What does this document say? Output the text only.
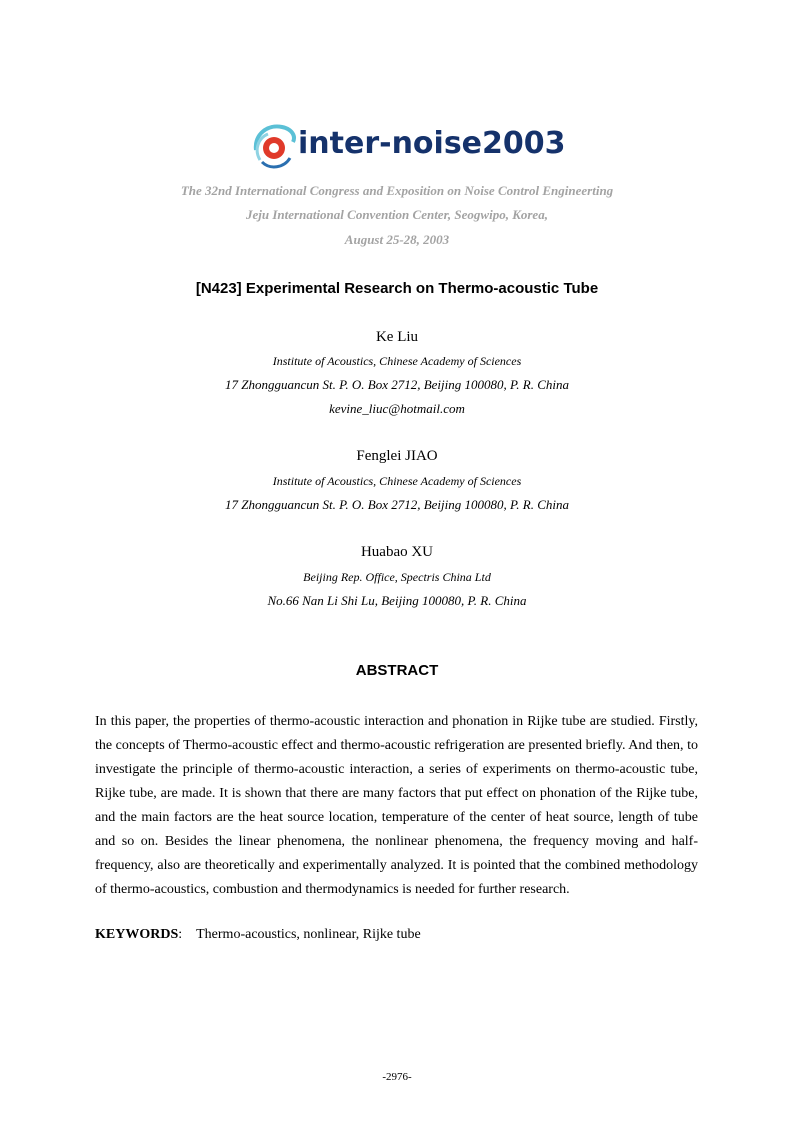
inter-noise2003
The 32nd International Congress and Exposition on Noise Control Engineerting
Jeju International Convention Center, Seogwipo, Korea,
August 25-28, 2003
[N423] Experimental Research on Thermo-acoustic Tube
Ke Liu
Institute of Acoustics, Chinese Academy of Sciences
17 Zhongguancun St. P. O. Box 2712, Beijing 100080, P. R. China
kevine_liuc@hotmail.com
Fenglei JIAO
Institute of Acoustics, Chinese Academy of Sciences
17 Zhongguancun St. P. O. Box 2712, Beijing 100080, P. R. China
Huabao XU
Beijing Rep. Office, Spectris China Ltd
No.66 Nan Li Shi Lu, Beijing 100080, P. R. China
ABSTRACT

In this paper, the properties of thermo-acoustic interaction and phonation in Rijke tube are studied. Firstly, the concepts of Thermo-acoustic effect and thermo-acoustic refrigeration are presented briefly. And then, to investigate the principle of thermo-acoustic interaction, a series of experiments on thermo-acoustic tube, Rijke tube, are made. It is shown that there are many factors that put effect on phonation of the Rijke tube, and the main factors are the heat source location, temperature of the center of heat source, length of tube and so on. Besides the linear phenomena, the nonlinear phenomena, the frequency moving and half-frequency, also are theoretically and experimentally analyzed. It is pointed that the combined methodology of thermo-acoustics, combustion and thermodynamics is needed for further research.

KEYWORDS:    Thermo-acoustics, nonlinear, Rijke tube
-2976-
